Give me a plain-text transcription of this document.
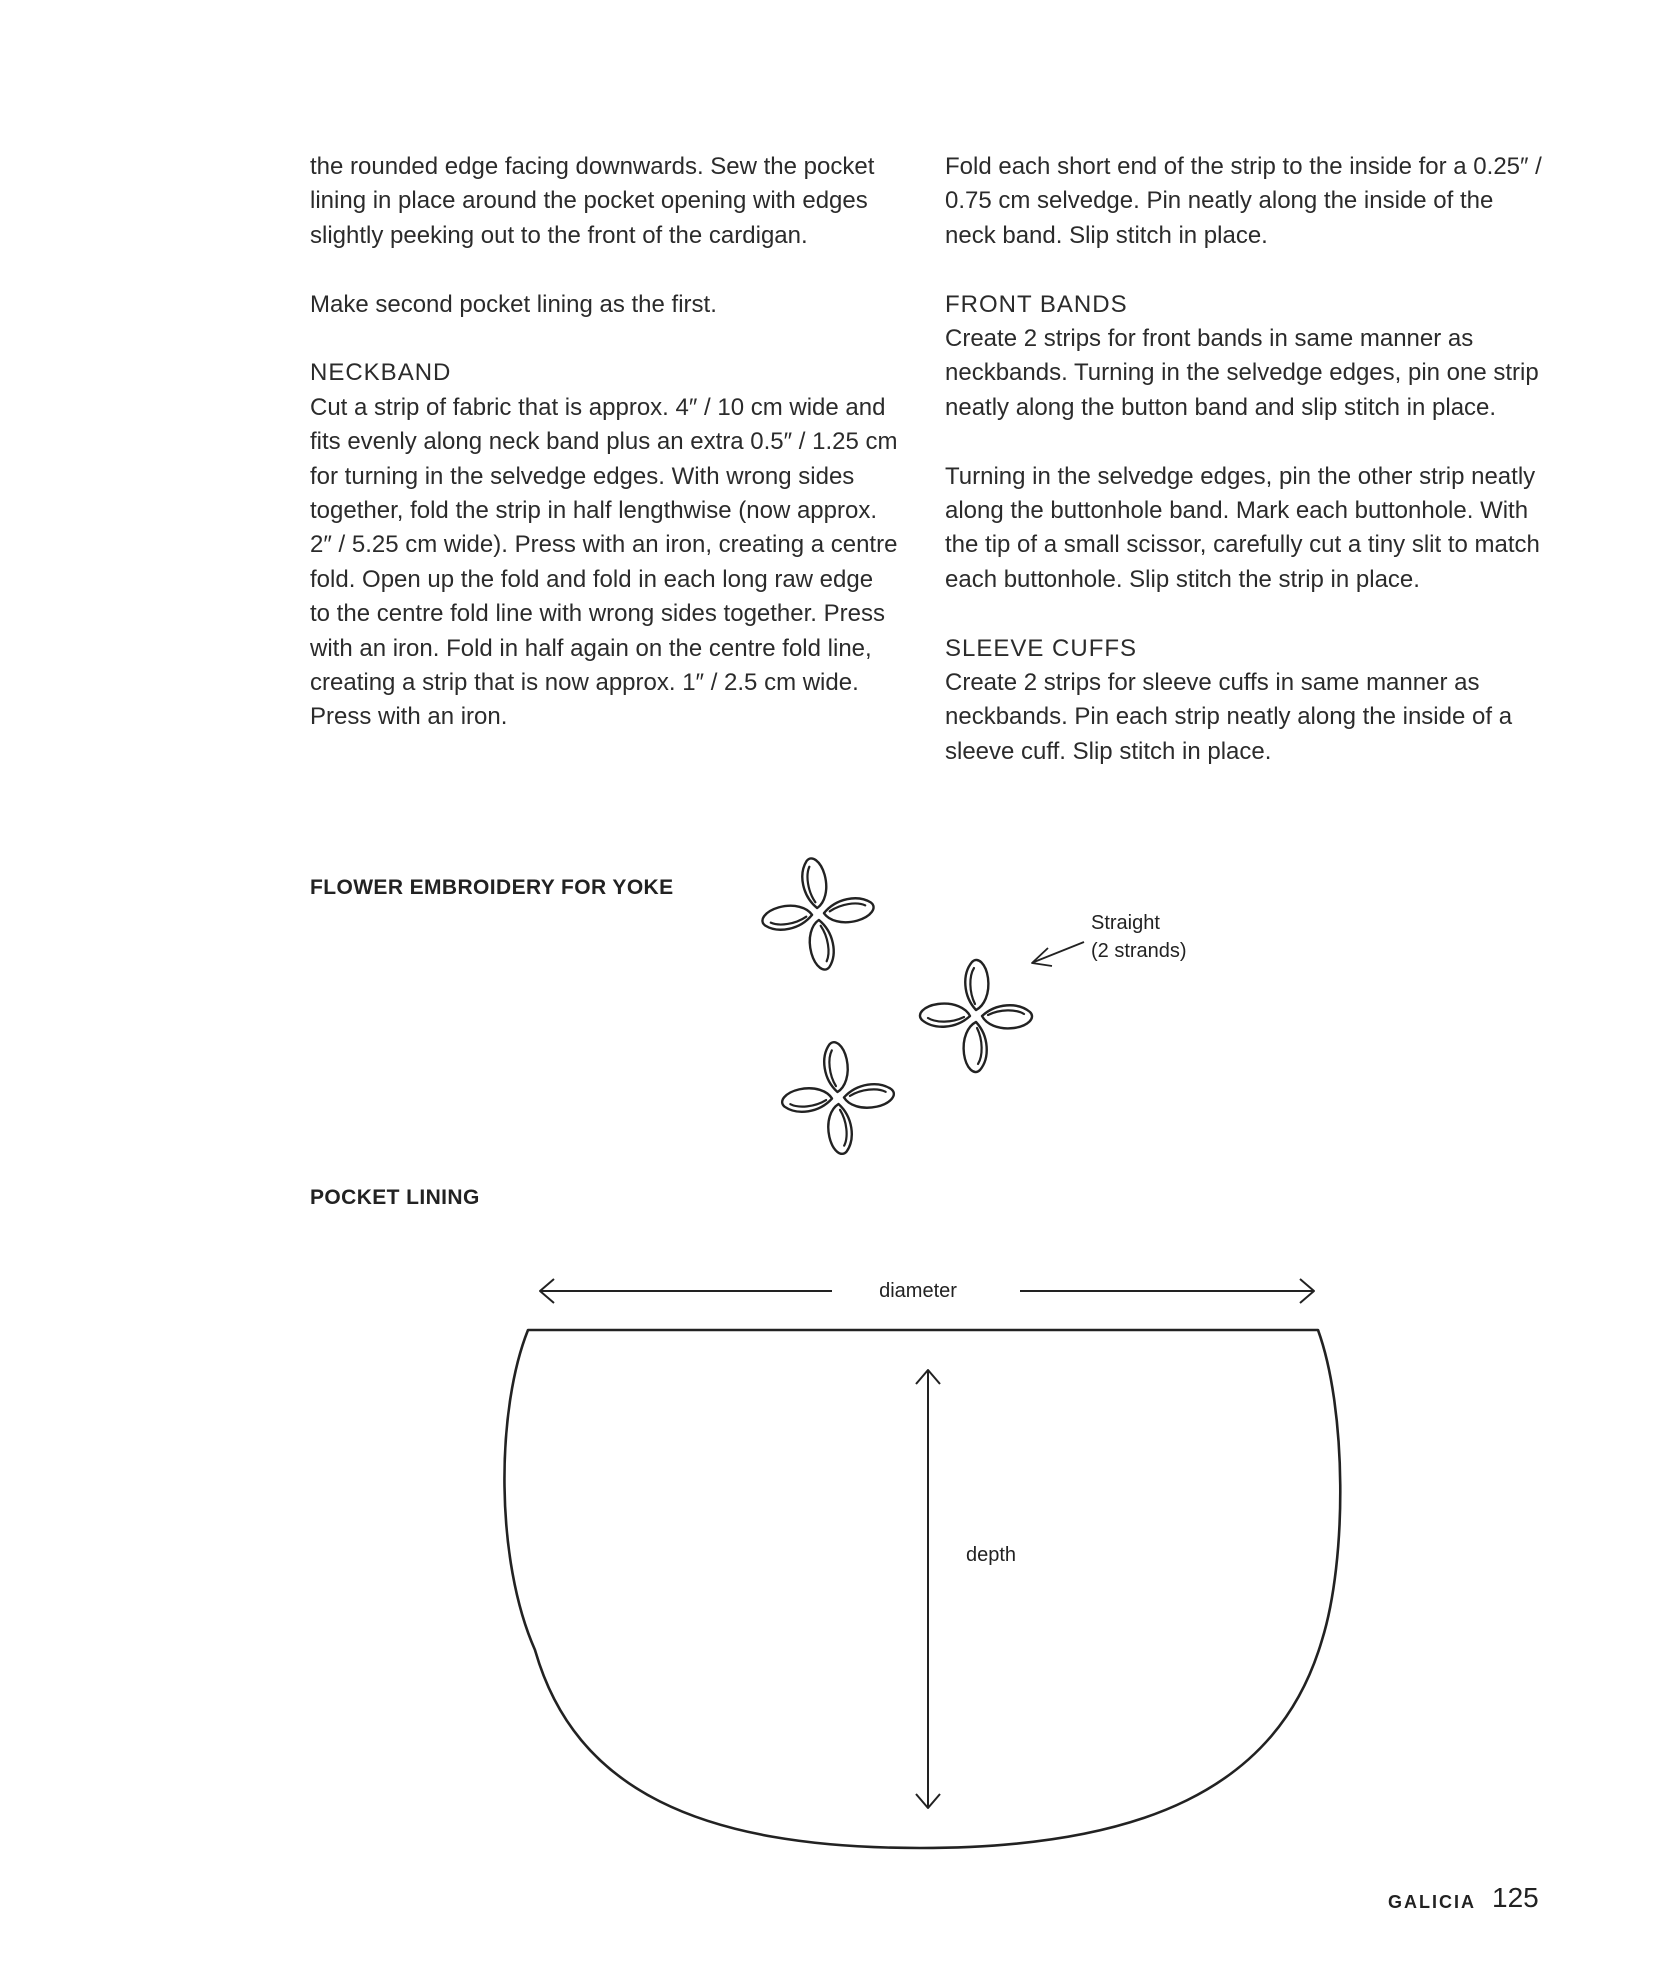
the rounded edge facing downwards. Sew the pocket
lining in place around the pocket opening with edges
slightly peeking out to the front of the cardigan.

Make second pocket lining as the first.

NECKBAND

Cut a strip of fabric that is approx. 4″ / 10 cm wide and
fits evenly along neck band plus an extra 0.5″ / 1.25 cm
for turning in the selvedge edges. With wrong sides
together, fold the strip in half lengthwise (now approx.
2″ / 5.25 cm wide). Press with an iron, creating a centre
fold. Open up the fold and fold in each long raw edge
to the centre fold line with wrong sides together. Press
with an iron. Fold in half again on the centre fold line,
creating a strip that is now approx. 1″ / 2.5 cm wide.
Press with an iron.

Fold each short end of the strip to the inside for a 0.25″ /
0.75 cm selvedge. Pin neatly along the inside of the
neck band. Slip stitch in place.

FRONT BANDS

Create 2 strips for front bands in same manner as
neckbands. Turning in the selvedge edges, pin one strip
neatly along the button band and slip stitch in place.

Turning in the selvedge edges, pin the other strip neatly
along the buttonhole band. Mark each buttonhole. With
the tip of a small scissor, carefully cut a tiny slit to match
each buttonhole. Slip stitch the strip in place.

SLEEVE CUFFS

Create 2 strips for sleeve cuffs in same manner as
neckbands. Pin each strip neatly along the inside of a
sleeve cuff. Slip stitch in place.

FLOWER EMBROIDERY FOR YOKE
POCKET LINING
Straight
(2 strands)
diameter
depth
GALICIA 125
